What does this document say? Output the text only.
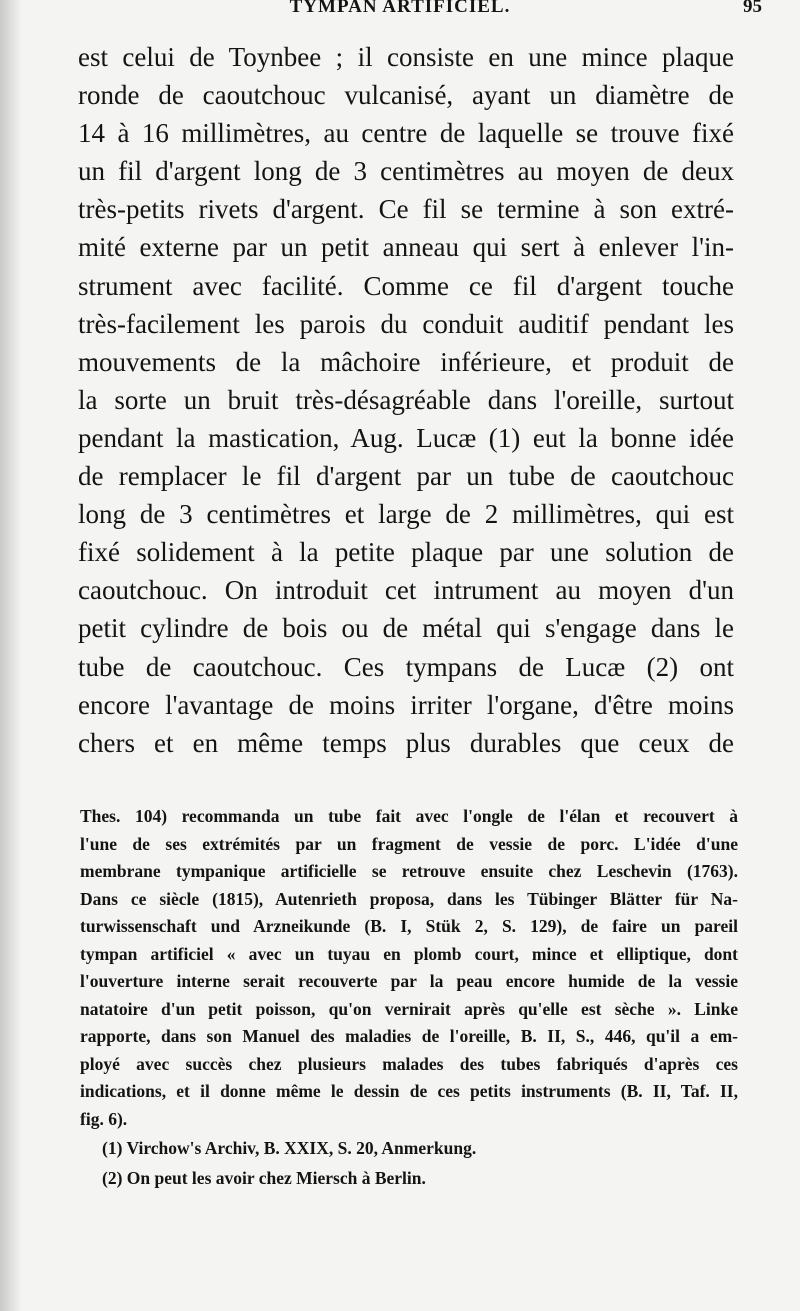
TYMPAN ARTIFICIEL.	95
est celui de Toynbee ; il consiste en une mince plaque
ronde de caoutchouc vulcanisé, ayant un diamètre de
14 à 16 millimètres, au centre de laquelle se trouve fixé
un fil d'argent long de 3 centimètres au moyen de deux
très-petits rivets d'argent. Ce fil se termine à son extré-
mité externe par un petit anneau qui sert à enlever l'in-
strument avec facilité. Comme ce fil d'argent touche
très-facilement les parois du conduit auditif pendant les
mouvements de la mâchoire inférieure, et produit de
la sorte un bruit très-désagréable dans l'oreille, surtout
pendant la mastication, Aug. Lucæ (1) eut la bonne idée
de remplacer le fil d'argent par un tube de caoutchouc
long de 3 centimètres et large de 2 millimètres, qui est
fixé solidement à la petite plaque par une solution de
caoutchouc. On introduit cet intrument au moyen d'un
petit cylindre de bois ou de métal qui s'engage dans le
tube de caoutchouc. Ces tympans de Lucæ (2) ont
encore l'avantage de moins irriter l'organe, d'être moins
chers et en même temps plus durables que ceux de
Thes. 104) recommanda un tube fait avec l'ongle de l'élan et recouvert à
l'une de ses extrémités par un fragment de vessie de porc. L'idée d'une
membrane tympanique artificielle se retrouve ensuite chez Leschevin (1763).
Dans ce siècle (1815), Autenrieth proposa, dans les Tübinger Blätter für Na-
turwissenschaft und Arzneikunde (B. I, Stük 2, S. 129), de faire un pareil
tympan artificiel « avec un tuyau en plomb court, mince et elliptique, dont
l'ouverture interne serait recouverte par la peau encore humide de la vessie
natatoire d'un petit poisson, qu'on vernirait après qu'elle est sèche ». Linke
rapporte, dans son Manuel des maladies de l'oreille, B. II, S., 446, qu'il a em-
ployé avec succès chez plusieurs malades des tubes fabriqués d'après ces
indications, et il donne même le dessin de ces petits instruments (B. II, Taf. II,
fig. 6).
(1) Virchow's Archiv, B. XXIX, S. 20, Anmerkung.
(2) On peut les avoir chez Miersch à Berlin.
